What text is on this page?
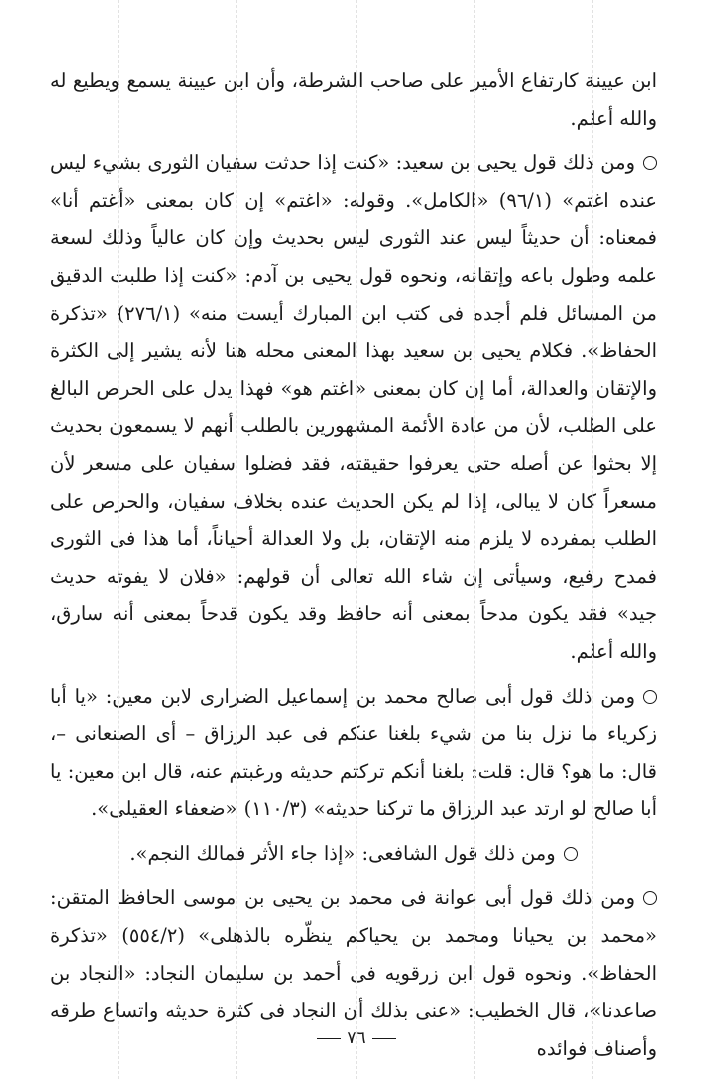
ابن عيينة كارتفاع الأمير على صاحب الشرطة، وأن ابن عيينة يسمع ويطيع له والله أعلم.

ومن ذلك قول يحيى بن سعيد: «كنت إذا حدثت سفيان الثورى بشيء ليس عنده اغتم» (٩٦/١) «الكامل». وقوله: «اغتم» إن كان بمعنى «أغتم أنا» فمعناه: أن حديثاً ليس عند الثورى ليس بحديث وإن كان عالياً وذلك لسعة علمه وطول باعه وإتقانه، ونحوه قول يحيى بن آدم: «كنت إذا طلبت الدقيق من المسائل فلم أجده فى كتب ابن المبارك أيست منه» (٢٧٦/١) «تذكرة الحفاظ». فكلام يحيى بن سعيد بهذا المعنى محله هنا لأنه يشير إلى الكثرة والإتقان والعدالة، أما إن كان بمعنى «اغتم هو» فهذا يدل على الحرص البالغ على الطلب، لأن من عادة الأئمة المشهورين بالطلب أنهم لا يسمعون بحديث إلا بحثوا عن أصله حتى يعرفوا حقيقته، فقد فضلوا سفيان على مسعر لأن مسعراً كان لا يبالى، إذا لم يكن الحديث عنده بخلاف سفيان، والحرص على الطلب بمفرده لا يلزم منه الإتقان، بل ولا العدالة أحياناً، أما هذا فى الثورى فمدح رفيع، وسيأتى إن شاء الله تعالى أن قولهم: «فلان لا يفوته حديث جيد» فقد يكون مدحاً بمعنى أنه حافظ وقد يكون قدحاً بمعنى أنه سارق، والله أعلم.

ومن ذلك قول أبى صالح محمد بن إسماعيل الضرارى لابن معين: «يا أبا زكرياء ما نزل بنا من شيء بلغنا عنكم فى عبد الرزاق – أى الصنعانى –، قال: ما هو؟ قال: قلت: بلغنا أنكم تركتم حديثه ورغبتم عنه، قال ابن معين: يا أبا صالح لو ارتد عبد الرزاق ما تركنا حديثه» (١١٠/٣) «ضعفاء العقيلى».

ومن ذلك قول الشافعى: «إذا جاء الأثر فمالك النجم».

ومن ذلك قول أبى عوانة فى محمد بن يحيى بن موسى الحافظ المتقن: «محمد بن يحيانا ومحمد بن يحياكم ينظّره بالذهلى» (٥٥٤/٢) «تذكرة الحفاظ». ونحوه قول ابن زرقويه فى أحمد بن سليمان النجاد: «النجاد بن صاعدنا»، قال الخطيب: «عنى بذلك أن النجاد فى كثرة حديثه واتساع طرقه وأصناف فوائده

٧٦
